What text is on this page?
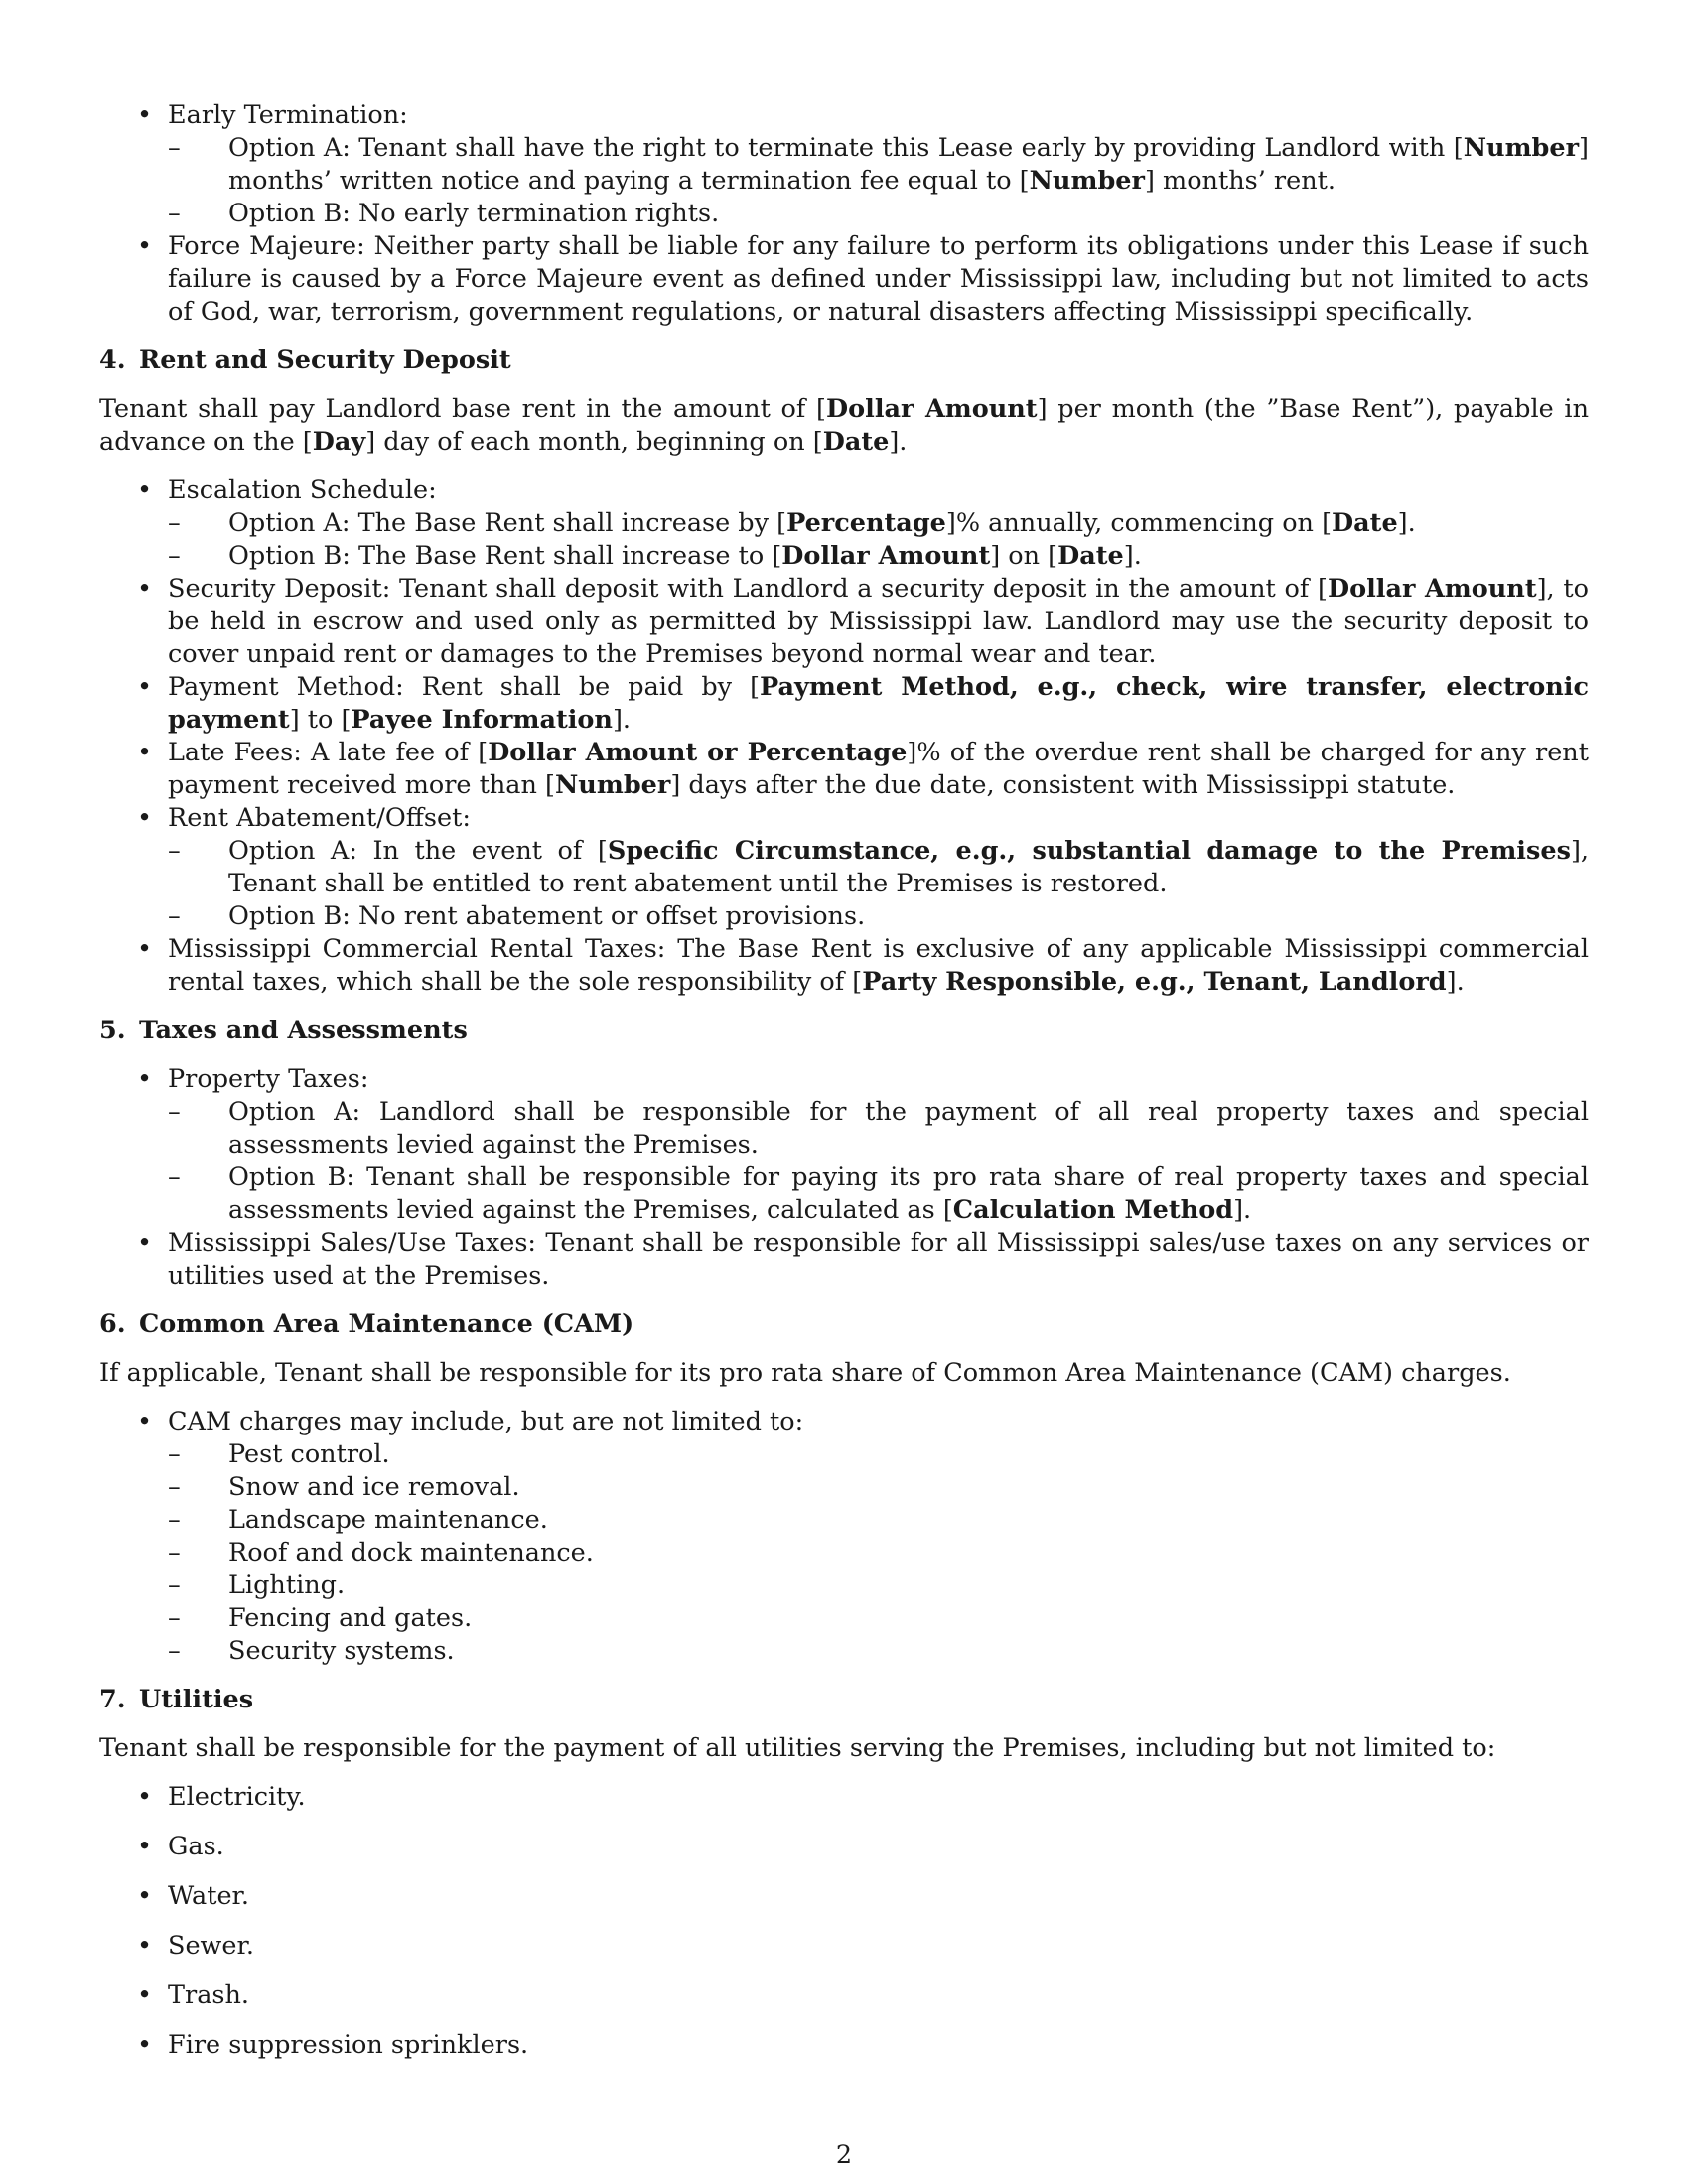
• Early Termination:
– Option A: Tenant shall have the right to terminate this Lease early by providing Landlord with [Number] months’ written notice and paying a termination fee equal to [Number] months’ rent.
– Option B: No early termination rights.
• Force Majeure: Neither party shall be liable for any failure to perform its obligations under this Lease if such failure is caused by a Force Majeure event as defined under Mississippi law, including but not limited to acts of God, war, terrorism, government regulations, or natural disasters affecting Mississippi specifically.
4. Rent and Security Deposit

Tenant shall pay Landlord base rent in the amount of [Dollar Amount] per month (the ”Base Rent”), payable in advance on the [Day] day of each month, beginning on [Date].

• Escalation Schedule:
– Option A: The Base Rent shall increase by [Percentage]% annually, commencing on [Date].
– Option B: The Base Rent shall increase to [Dollar Amount] on [Date].
• Security Deposit: Tenant shall deposit with Landlord a security deposit in the amount of [Dollar Amount], to be held in escrow and used only as permitted by Mississippi law. Landlord may use the security deposit to cover unpaid rent or damages to the Premises beyond normal wear and tear.
• Payment Method: Rent shall be paid by [Payment Method, e.g., check, wire transfer, electronic payment] to [Payee Information].
• Late Fees: A late fee of [Dollar Amount or Percentage]% of the overdue rent shall be charged for any rent payment received more than [Number] days after the due date, consistent with Mississippi statute.
• Rent Abatement/Offset:
– Option A: In the event of [Specific Circumstance, e.g., substantial damage to the Premises], Tenant shall be entitled to rent abatement until the Premises is restored.
– Option B: No rent abatement or offset provisions.
• Mississippi Commercial Rental Taxes: The Base Rent is exclusive of any applicable Mississippi commercial rental taxes, which shall be the sole responsibility of [Party Responsible, e.g., Tenant, Landlord].
5. Taxes and Assessments
• Property Taxes:
– Option A: Landlord shall be responsible for the payment of all real property taxes and special assessments levied against the Premises.
– Option B: Tenant shall be responsible for paying its pro rata share of real property taxes and special assessments levied against the Premises, calculated as [Calculation Method].
• Mississippi Sales/Use Taxes: Tenant shall be responsible for all Mississippi sales/use taxes on any services or utilities used at the Premises.
6. Common Area Maintenance (CAM)

If applicable, Tenant shall be responsible for its pro rata share of Common Area Maintenance (CAM) charges.

• CAM charges may include, but are not limited to:
– Pest control.
– Snow and ice removal.
– Landscape maintenance.
– Roof and dock maintenance.
– Lighting.
– Fencing and gates.
– Security systems.
7. Utilities

Tenant shall be responsible for the payment of all utilities serving the Premises, including but not limited to:

• Electricity.
• Gas.
• Water.
• Sewer.
• Trash.
• Fire suppression sprinklers.
2
